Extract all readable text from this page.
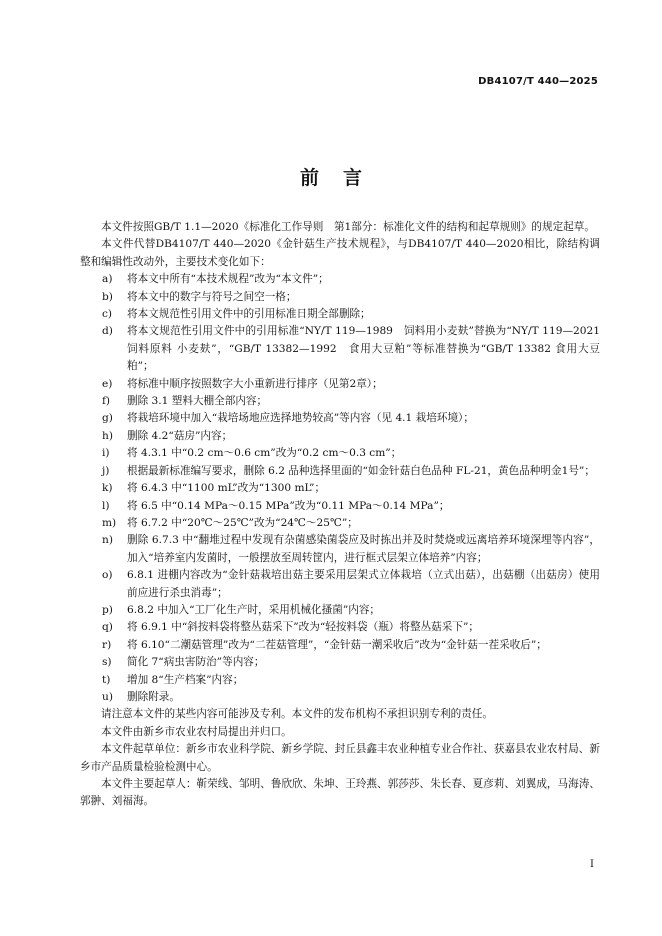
DB4107/T 440—2025
前言

本文件按照GB/T 1.1—2020《标准化工作导则　第1部分：标准化文件的结构和起草规则》的规定起草。

本文件代替DB4107/T 440—2020《金针菇生产技术规程》，与DB4107/T 440—2020相比，除结构调整和编辑性改动外，主要技术变化如下：

a) 将本文中所有“本技术规程”改为“本文件”；
b) 将本文中的数字与符号之间空一格；
c) 将本文规范性引用文件中的引用标准日期全部删除；
d) 将本文规范性引用文件中的引用标准“NY/T 119—1989　饲料用小麦麸”替换为“NY/T 119—2021　饲料原料 小麦麸”，“GB/T 13382—1992　食用大豆粕”等标准替换为“GB/T 13382 食用大豆粕”；
e) 将标准中顺序按照数字大小重新进行排序（见第2章）；
f) 删除 3.1 塑料大棚全部内容；
g) 将栽培环境中加入“栽培场地应选择地势较高”等内容（见 4.1 栽培环境）；
h) 删除 4.2“菇房”内容；
i) 将 4.3.1 中“0.2 cm～0.6 cm”改为“0.2 cm～0.3 cm”；
j) 根据最新标准编写要求，删除 6.2 品种选择里面的“如金针菇白色品种 FL-21，黄色品种明金1号”；
k) 将 6.4.3 中“1100 mL”改为“1300 mL”；
l) 将 6.5 中“0.14 MPa～0.15 MPa”改为“0.11 MPa～0.14 MPa”；
m) 将 6.7.2 中“20℃～25℃”改为“24℃～25℃”；
n) 删除 6.7.3 中“翻堆过程中发现有杂菌感染菌袋应及时拣出并及时焚烧或远离培养环境深埋等内容”，加入“培养室内发菌时，一般摆放至周转筐内，进行框式层架立体培养”内容；
o) 6.8.1 进棚内容改为“金针菇栽培出菇主要采用层架式立体栽培（立式出菇），出菇棚（出菇房）使用前应进行杀虫消毒”；
p) 6.8.2 中加入“工厂化生产时，采用机械化搔菌”内容；
q) 将 6.9.1 中“斜按料袋将整丛菇采下”改为“轻按料袋（瓶）将整丛菇采下”；
r) 将 6.10“二潮菇管理”改为“二茬菇管理”，“金针菇一潮采收后”改为“金针菇一茬采收后”；
s) 简化 7“病虫害防治”等内容；
t) 增加 8“生产档案”内容；
u) 删除附录。

请注意本文件的某些内容可能涉及专利。本文件的发布机构不承担识别专利的责任。

本文件由新乡市农业农村局提出并归口。

本文件起草单位：新乡市农业科学院、新乡学院、封丘县鑫丰农业种植专业合作社、获嘉县农业农村局、新乡市产品质量检验检测中心。

本文件主要起草人：靳荣线、邹明、鲁欣欣、朱坤、王玲燕、郭莎莎、朱长春、夏彦莉、刘翼成，马海涛、郭翀、刘福海。

I
